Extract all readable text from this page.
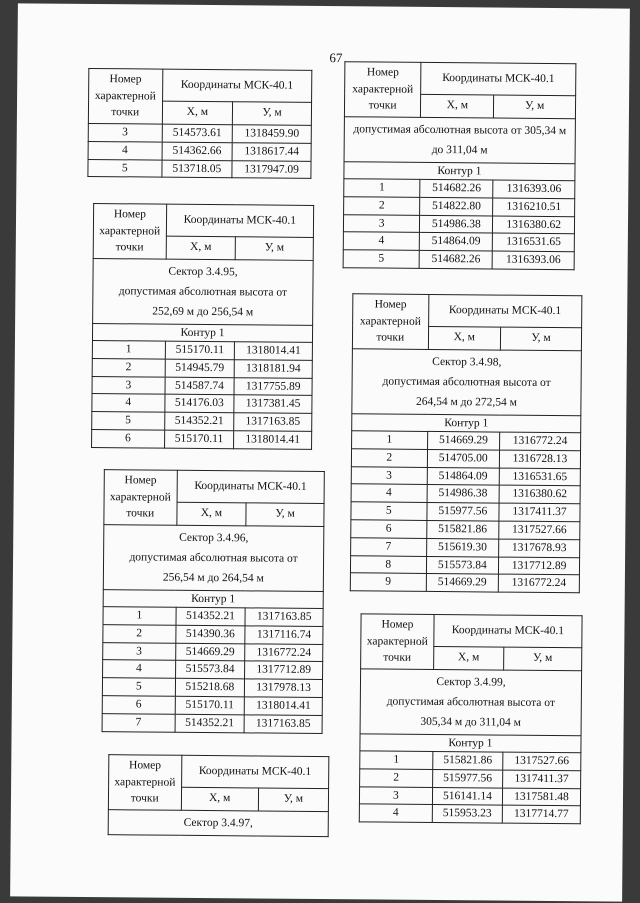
67
Номер характерной точки	Координаты МСК-40.1	
	Х, м	У, м
3	514573.61	1318459.90
4	514362.66	1318617.44
5	513718.05	1317947.09
Номер характерной точки	Координаты МСК-40.1	
	Х, м	У, м
допустимая абсолютная высота от 305,34 м до 311,04 м		
Контур 1		
1	514682.26	1316393.06
2	514822.80	1316210.51
3	514986.38	1316380.62
4	514864.09	1316531.65
5	514682.26	1316393.06
Номер характерной точки	Координаты МСК-40.1	
	Х, м	У, м

Сектор 3.4.95,
допустимая абсолютная высота от
252,69 м до 256,54 м		

Контур 1		
1	515170.11	1318014.41
2	514945.79	1318181.94
3	514587.74	1317755.89
4	514176.03	1317381.45
5	514352.21	1317163.85
6	515170.11	1318014.41
Номер характерной точки	Координаты МСК-40.1	
	Х, м	У, м

Сектор 3.4.98,
допустимая абсолютная высота от
264,54 м до 272,54 м		

Контур 1		
1	514669.29	1316772.24
2	514705.00	1316728.13
3	514864.09	1316531.65
4	514986.38	1316380.62
5	515977.56	1317411.37
6	515821.86	1317527.66
7	515619.30	1317678.93
8	515573.84	1317712.89
9	514669.29	1316772.24
Номер характерной точки	Координаты МСК-40.1	
	Х, м	У, м

Сектор 3.4.96,
допустимая абсолютная высота от
256,54 м до 264,54 м		

Контур 1		
1	514352.21	1317163.85
2	514390.36	1317116.74
3	514669.29	1316772.24
4	515573.84	1317712.89
5	515218.68	1317978.13
6	515170.11	1318014.41
7	514352.21	1317163.85
Номер характерной точки	Координаты МСК-40.1	
	Х, м	У, м

Сектор 3.4.99,
допустимая абсолютная высота от
305,34 м до 311,04 м		

Контур 1		
1	515821.86	1317527.66
2	515977.56	1317411.37
3	516141.14	1317581.48
4	515953.23	1317714.77
Номер характерной точки	Координаты МСК-40.1	
	Х, м	У, м

Сектор 3.4.97,		
